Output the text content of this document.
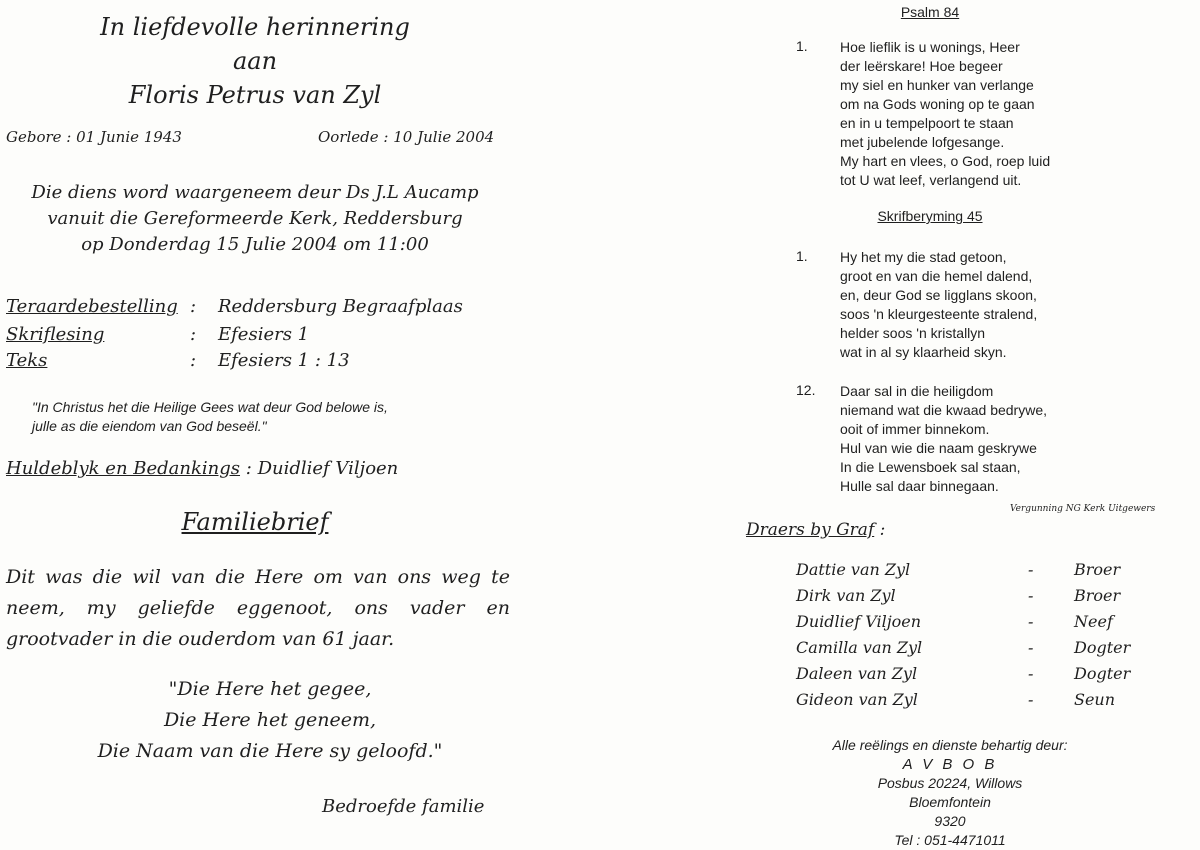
In liefdevolle herinnering
aan
Floris Petrus van Zyl
Gebore : 01 Junie 1943	Oorlede : 10 Julie 2004
Die diens word waargeneem deur Ds J.L Aucamp
vanuit die Gereformeerde Kerk, Reddersburg
op Donderdag 15 Julie 2004 om 11:00
Teraardebestelling : Reddersburg Begraafplaas
Skriflesing	: Efesiers 1
Teks	: Efesiers 1 : 13
"In Christus het die Heilige Gees wat deur God belowe is,
julle as die eiendom van God beseël."
Huldeblyk en Bedankings : Duidlief Viljoen
Familiebrief
Dit was die wil van die Here om van ons weg te neem, my geliefde eggenoot, ons vader en grootvader in die ouderdom van 61 jaar.
"Die Here het gegee,
Die Here het geneem,
Die Naam van die Here sy geloofd."
Bedroefde familie
Psalm 84
1. Hoe lieflik is u wonings, Heer
der leërskare! Hoe begeer
my siel en hunker van verlange
om na Gods woning op te gaan
en in u tempelpoort te staan
met jubelende lofgesange.
My hart en vlees, o God, roep luid
tot U wat leef, verlangend uit.
Skrifberyming 45
1. Hy het my die stad getoon,
groot en van die hemel dalend,
en, deur God se ligglans skoon,
soos 'n kleurgesteente stralend,
helder soos 'n kristallyn
wat in al sy klaarheid skyn.
12. Daar sal in die heiligdom
niemand wat die kwaad bedrywe,
ooit of immer binnekom.
Hul van wie die naam geskrywe
In die Lewensboek sal staan,
Hulle sal daar binnegaan.
Vergunning NG Kerk Uitgewers
Draers by Graf :
Dattie van Zyl	-	Broer
Dirk van Zyl	-	Broer
Duidlief Viljoen	-	Neef
Camilla van Zyl	-	Dogter
Daleen van Zyl	-	Dogter
Gideon van Zyl	-	Seun
Alle reëlings en dienste behartig deur:
A V B O B
Posbus 20224, Willows
Bloemfontein
9320
Tel : 051-4471011
